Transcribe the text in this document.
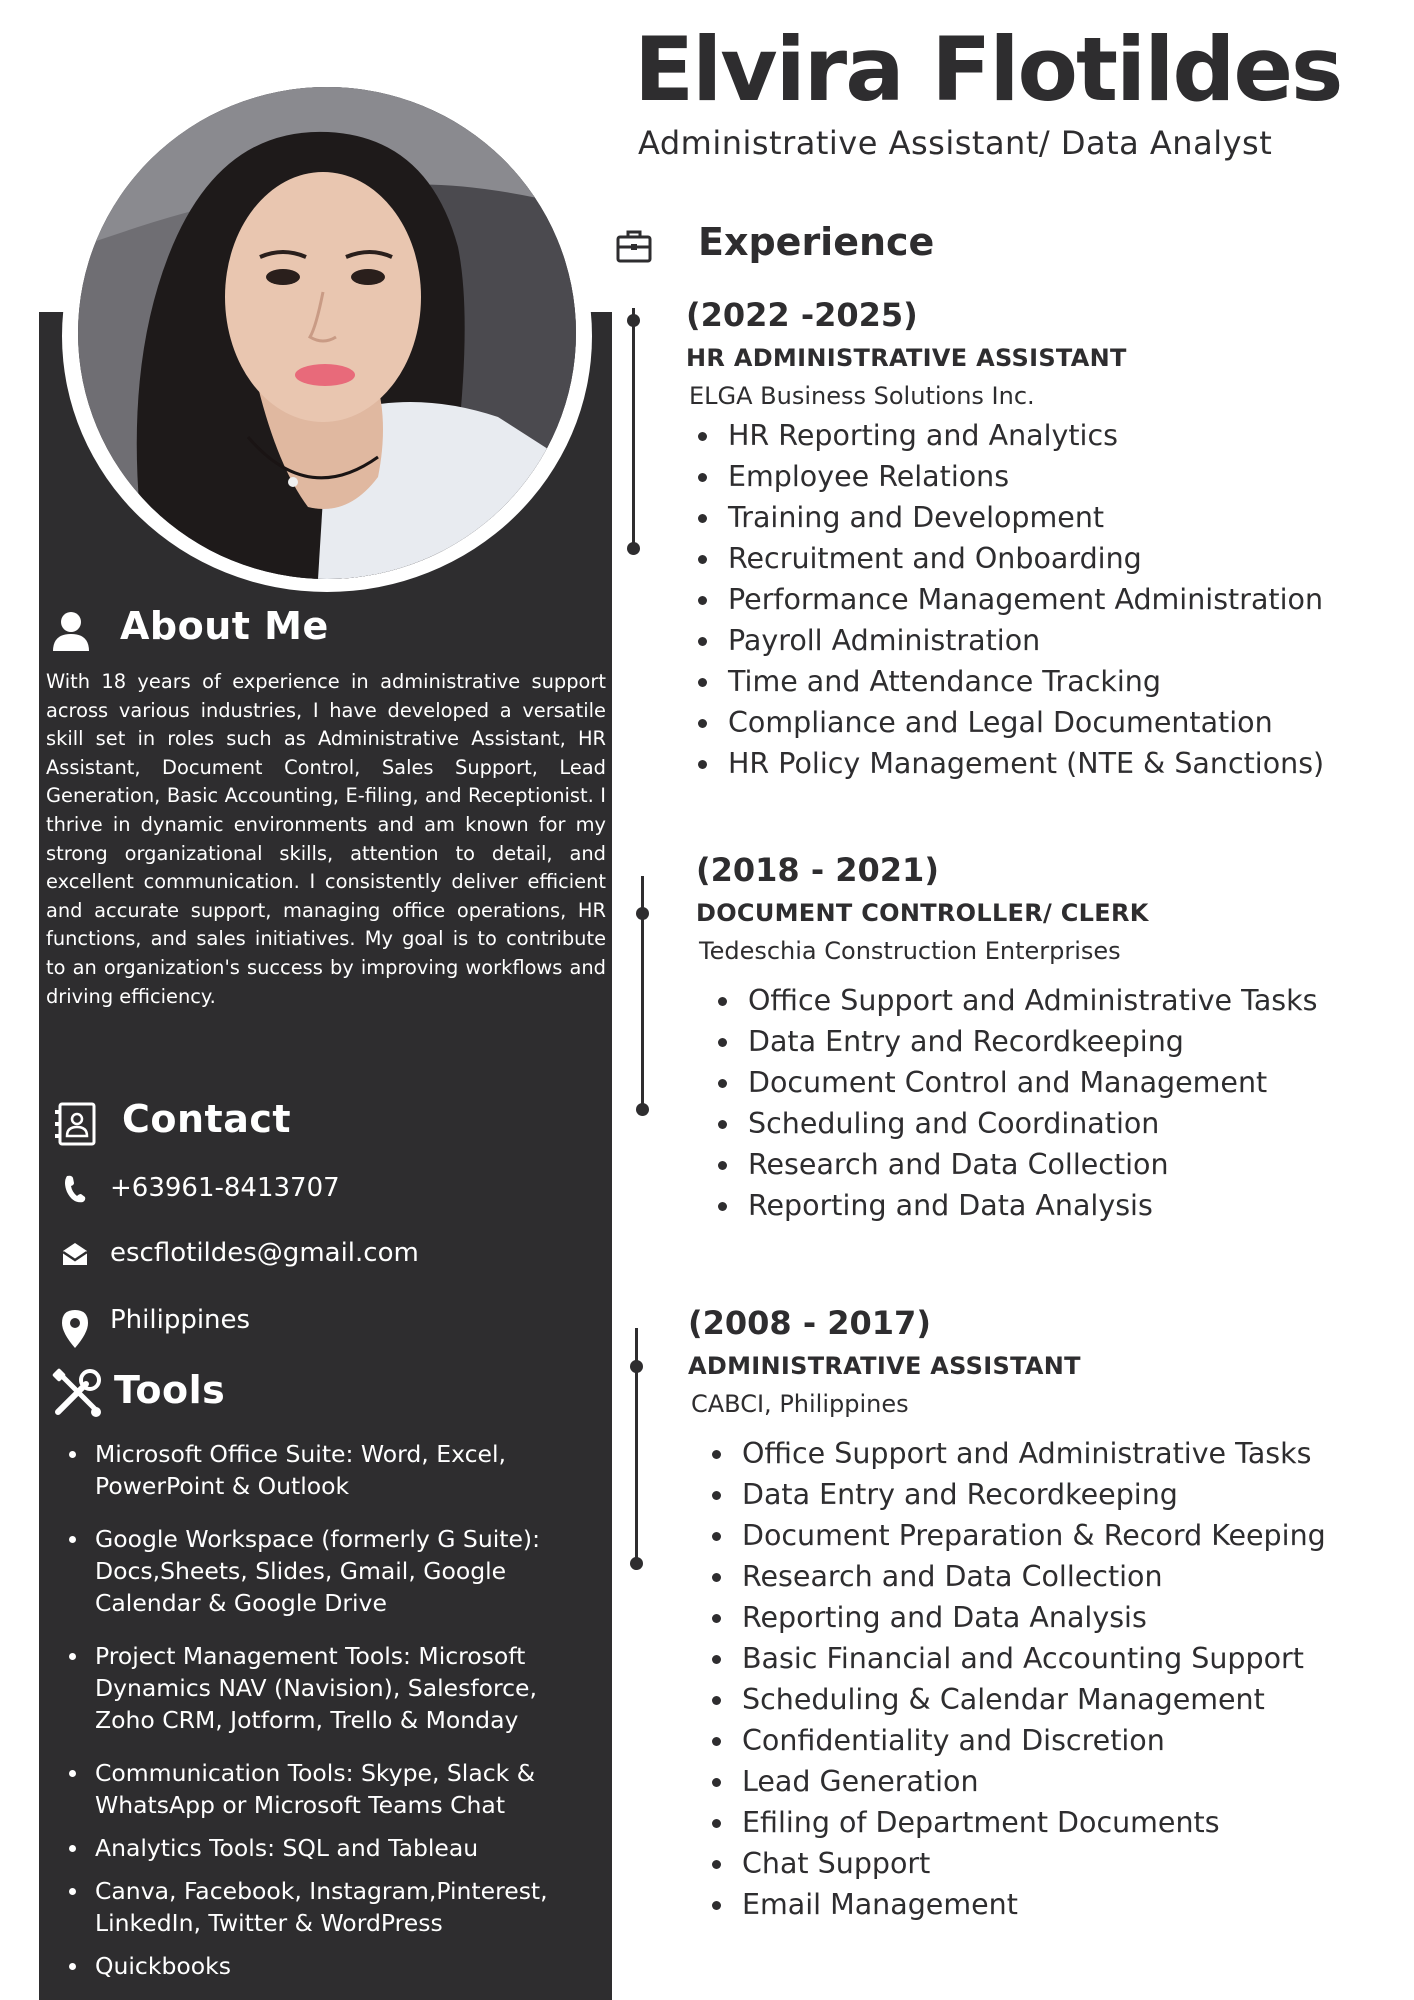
About Me
With 18 years of experience in administrative support across various industries, I have developed a versatile skill set in roles such as Administrative Assistant, HR Assistant, Document Control, Sales Support, Lead Generation, Basic Accounting, E-filing, and Receptionist. I thrive in dynamic environments and am known for my strong organizational skills, attention to detail, and excellent communication. I consistently deliver efficient and accurate support, managing office operations, HR functions, and sales initiatives. My goal is to contribute to an organization's success by improving workflows and driving efficiency.
Contact
+63961-8413707
escflotildes@gmail.com
Philippines
Tools
Microsoft Office Suite: Word, Excel, PowerPoint & Outlook
Google Workspace (formerly G Suite): Docs,Sheets, Slides, Gmail, Google Calendar & Google Drive
Project Management Tools: Microsoft Dynamics NAV (Navision), Salesforce, Zoho CRM, Jotform, Trello & Monday
Communication Tools: Skype, Slack & WhatsApp or Microsoft Teams Chat
Analytics Tools: SQL and Tableau
Canva, Facebook, Instagram,Pinterest, LinkedIn, Twitter & WordPress
Quickbooks
Elvira Flotildes
Administrative Assistant/ Data Analyst
Experience
(2022 -2025)
HR ADMINISTRATIVE ASSISTANT
ELGA Business Solutions Inc.
HR Reporting and Analytics
Employee Relations
Training and Development
Recruitment and Onboarding
Performance Management Administration
Payroll Administration
Time and Attendance Tracking
Compliance and Legal Documentation
HR Policy Management (NTE & Sanctions)
(2018 - 2021)
DOCUMENT CONTROLLER/ CLERK
Tedeschia Construction Enterprises
Office Support and Administrative Tasks
Data Entry and Recordkeeping
Document Control and Management
Scheduling and Coordination
Research and Data Collection
Reporting and Data Analysis
(2008 - 2017)
ADMINISTRATIVE ASSISTANT
CABCI, Philippines
Office Support and Administrative Tasks
Data Entry and Recordkeeping
Document Preparation & Record Keeping
Research and Data Collection
Reporting and Data Analysis
Basic Financial and Accounting Support
Scheduling & Calendar Management
Confidentiality and Discretion
Lead Generation
Efiling of Department Documents
Chat Support
Email Management
